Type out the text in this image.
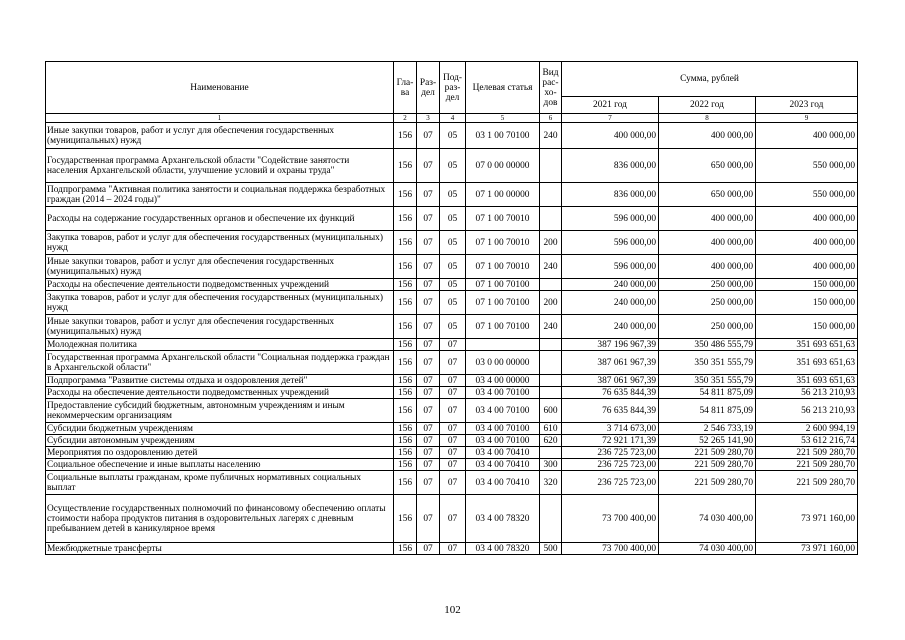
Наименование	Гла-ва	Раз-дел	Под-раз-дел	Целевая статья	Вид рас-хо-дов	Сумма, рублей		
						2021 год	2022 год	2023 год
1	2	3	4	5	6	7	8	9
Иные закупки товаров, работ и услуг для обеспечения государственных (муниципальных) нужд	156	07	05	03 1 00 70100	240	400 000,00	400 000,00	400 000,00
Государственная программа Архангельской области "Содействие занятости населения Архангельской области, улучшение условий и охраны труда"	156	07	05	07 0 00 00000		836 000,00	650 000,00	550 000,00
Подпрограмма "Активная политика занятости и социальная поддержка безработных граждан (2014 – 2024 годы)"	156	07	05	07 1 00 00000		836 000,00	650 000,00	550 000,00
Расходы на содержание государственных органов и обеспечение их функций	156	07	05	07 1 00 70010		596 000,00	400 000,00	400 000,00
Закупка товаров, работ и услуг для обеспечения государственных (муниципальных) нужд	156	07	05	07 1 00 70010	200	596 000,00	400 000,00	400 000,00
Иные закупки товаров, работ и услуг для обеспечения государственных (муниципальных) нужд	156	07	05	07 1 00 70010	240	596 000,00	400 000,00	400 000,00
Расходы на обеспечение деятельности подведомственных учреждений	156	07	05	07 1 00 70100		240 000,00	250 000,00	150 000,00
Закупка товаров, работ и услуг для обеспечения государственных (муниципальных) нужд	156	07	05	07 1 00 70100	200	240 000,00	250 000,00	150 000,00
Иные закупки товаров, работ и услуг для обеспечения государственных (муниципальных) нужд	156	07	05	07 1 00 70100	240	240 000,00	250 000,00	150 000,00
Молодежная политика	156	07	07			387 196 967,39	350 486 555,79	351 693 651,63
Государственная программа Архангельской области "Социальная поддержка граждан в Архангельской области"	156	07	07	03 0 00 00000		387 061 967,39	350 351 555,79	351 693 651,63
Подпрограмма "Развитие системы отдыха и оздоровления детей"	156	07	07	03 4 00 00000		387 061 967,39	350 351 555,79	351 693 651,63
Расходы на обеспечение деятельности подведомственных учреждений	156	07	07	03 4 00 70100		76 635 844,39	54 811 875,09	56 213 210,93
Предоставление субсидий бюджетным, автономным учреждениям и иным некоммерческим организациям	156	07	07	03 4 00 70100	600	76 635 844,39	54 811 875,09	56 213 210,93
Субсидии бюджетным учреждениям	156	07	07	03 4 00 70100	610	3 714 673,00	2 546 733,19	2 600 994,19
Субсидии автономным учреждениям	156	07	07	03 4 00 70100	620	72 921 171,39	52 265 141,90	53 612 216,74
Мероприятия по оздоровлению детей	156	07	07	03 4 00 70410		236 725 723,00	221 509 280,70	221 509 280,70
Социальное обеспечение и иные выплаты населению	156	07	07	03 4 00 70410	300	236 725 723,00	221 509 280,70	221 509 280,70
Социальные выплаты гражданам, кроме публичных нормативных социальных выплат	156	07	07	03 4 00 70410	320	236 725 723,00	221 509 280,70	221 509 280,70
Осуществление государственных полномочий по финансовому обеспечению оплаты стоимости набора продуктов питания в оздоровительных лагерях с дневным пребыванием детей в каникулярное время	156	07	07	03 4 00 78320		73 700 400,00	74 030 400,00	73 971 160,00
Межбюджетные трансферты	156	07	07	03 4 00 78320	500	73 700 400,00	74 030 400,00	73 971 160,00
102
